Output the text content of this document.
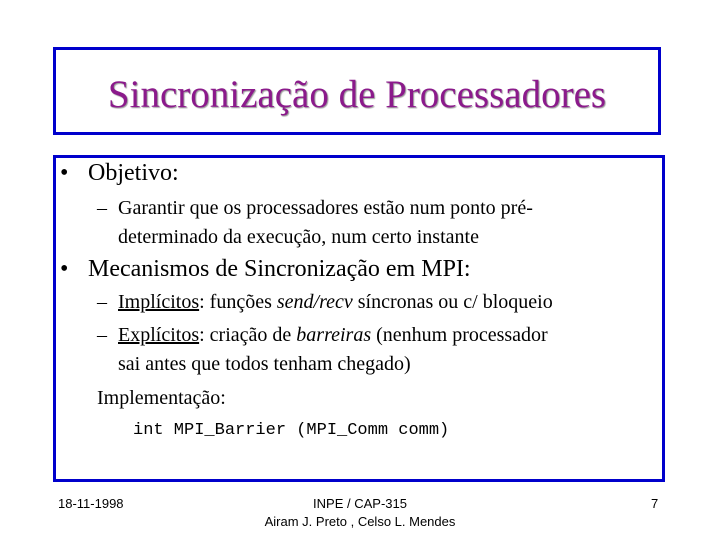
Sincronização de Processadores
• Objetivo:
– Garantir que os processadores estão num ponto pré-
determinado da execução, num certo instante
• Mecanismos de Sincronização em MPI:
– Implícitos: funções send/recv síncronas ou c/ bloqueio
– Explícitos: criação de barreiras (nenhum processador
sai antes que todos tenham chegado)
Implementação:
int MPI_Barrier (MPI_Comm comm)
18-11-1998	INPE / CAP-315
Airam J. Preto , Celso L. Mendes
7
